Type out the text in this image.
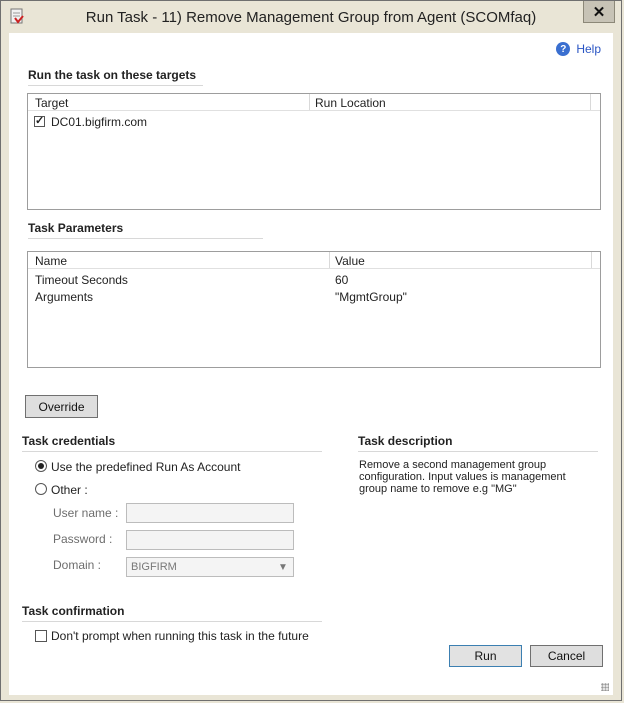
Run Task - 11) Remove Management Group from Agent (SCOMfaq)	✕
? Help
Run the task on these targets
Target	Run Location
✓
DC01.bigfirm.com
Task Parameters
Name	Value
Timeout Seconds	60
Arguments	"MgmtGroup"
Override
Task credentials
Use the predefined Run As Account
Other :
User name :
Password :
Domain :	BIGFIRM	▼
Task description
Remove a second management group configuration. Input values is management group name to remove e.g "MG"
Task confirmation
Don't prompt when running this task in the future
Run	Cancel
